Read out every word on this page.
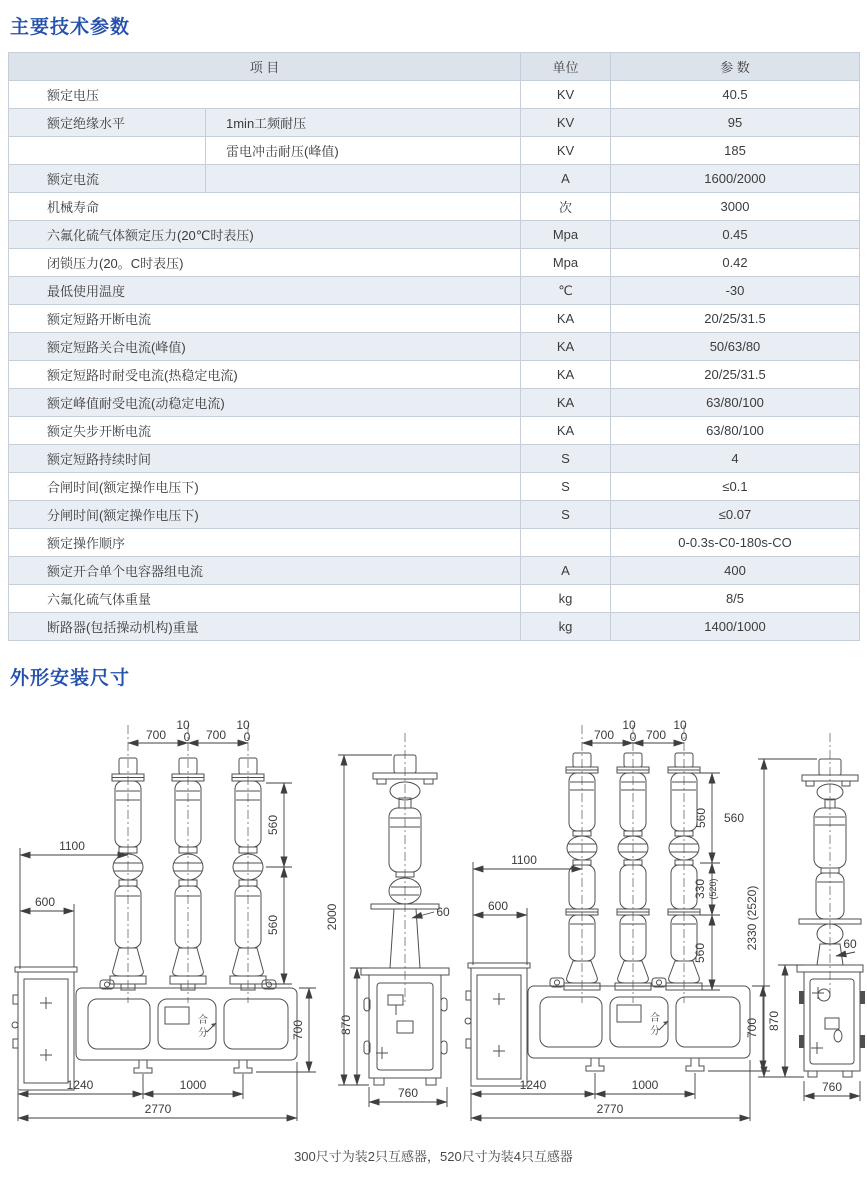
主要技术参数
项 目		单位	参 数
额定电压		KV	40.5
额定绝缘水平	1min工频耐压	KV	95
	雷电冲击耐压(峰值)	KV	185
额定电流		A	1600/2000
机械寿命		次	3000
六氟化硫气体额定压力(20℃时表压)		Mpa	0.45
闭锁压力(20。C时表压)		Mpa	0.42
最低使用温度		℃	-30
额定短路开断电流		KA	20/25/31.5
额定短路关合电流(峰值)		KA	50/63/80
额定短路时耐受电流(热稳定电流)		KA	20/25/31.5
额定峰值耐受电流(动稳定电流)		KA	63/80/100
额定失步开断电流		KA	63/80/100
额定短路持续时间		S	4
合闸时间(额定操作电压下)		S	≤0.1
分闸时间(额定操作电压下)		S	≤0.07
额定操作顺序			0-0.3s-C0-180s-CO
额定开合单个电容器组电流		A	400
六氟化硫气体重量		kg	8/5
断路器(包括操动机构)重量		kg	1400/1000
外形安装尺寸
合
分
700
10
0 700
10
0
1100
600
560
560
700
1240	1000
2770
60
2000
870
760
合
分
700
10
0 700
10
0
1100
600
560 560
330 (520)
560
700
1240	1000
2770
60
2330 (2520)
870
760
300尺寸为装2只互感器，520尺寸为装4只互感器
